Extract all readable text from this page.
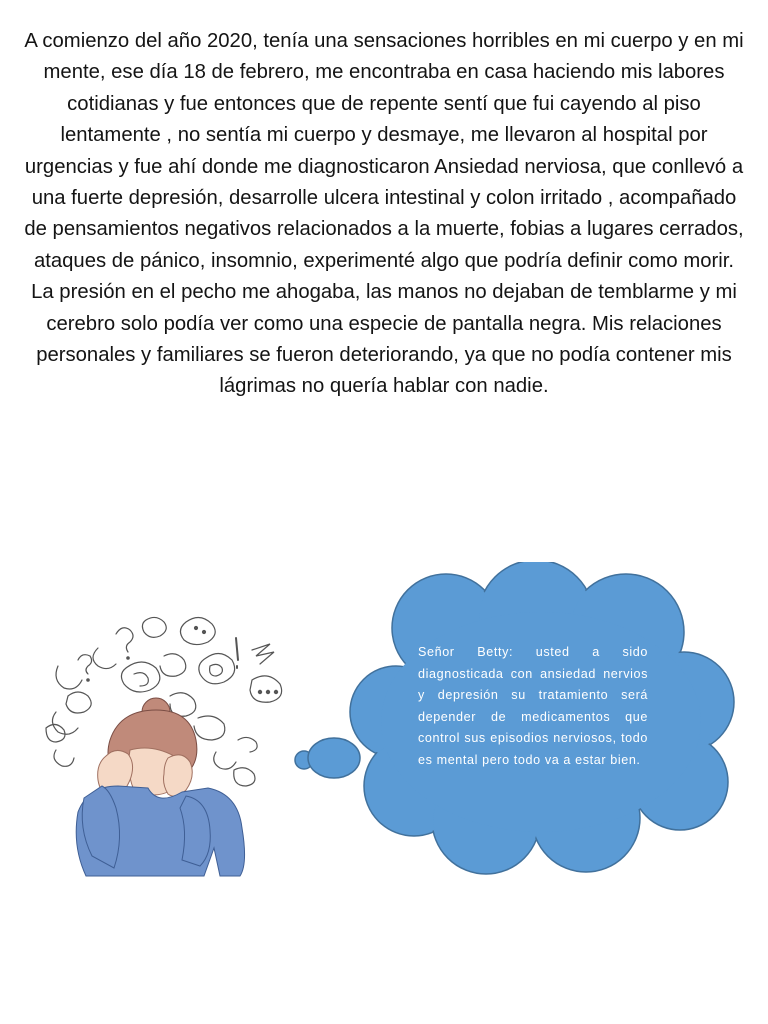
A comienzo del año 2020, tenía una sensaciones horribles en mi cuerpo y en mi mente, ese día 18 de febrero, me encontraba en casa haciendo mis labores cotidianas y fue entonces que de repente sentí que fui cayendo al piso lentamente , no sentía mi cuerpo y desmaye, me llevaron al hospital por urgencias y fue ahí donde me diagnosticaron Ansiedad nerviosa, que conllevó a una fuerte depresión, desarrolle ulcera intestinal y colon irritado , acompañado de pensamientos negativos relacionados a la muerte, fobias a lugares cerrados, ataques de pánico, insomnio, experimenté algo que podría definir como morir. La presión en el pecho me ahogaba, las manos no dejaban de temblarme y mi cerebro solo podía ver como una especie de pantalla negra. Mis relaciones personales y familiares se fueron deteriorando, ya que no podía contener mis lágrimas no quería hablar con nadie.

Señor Betty: usted a sido diagnosticada con ansiedad nervios y depresión su tratamiento será depender de medicamentos que control sus episodios nerviosos, todo es mental pero todo va a estar bien.
